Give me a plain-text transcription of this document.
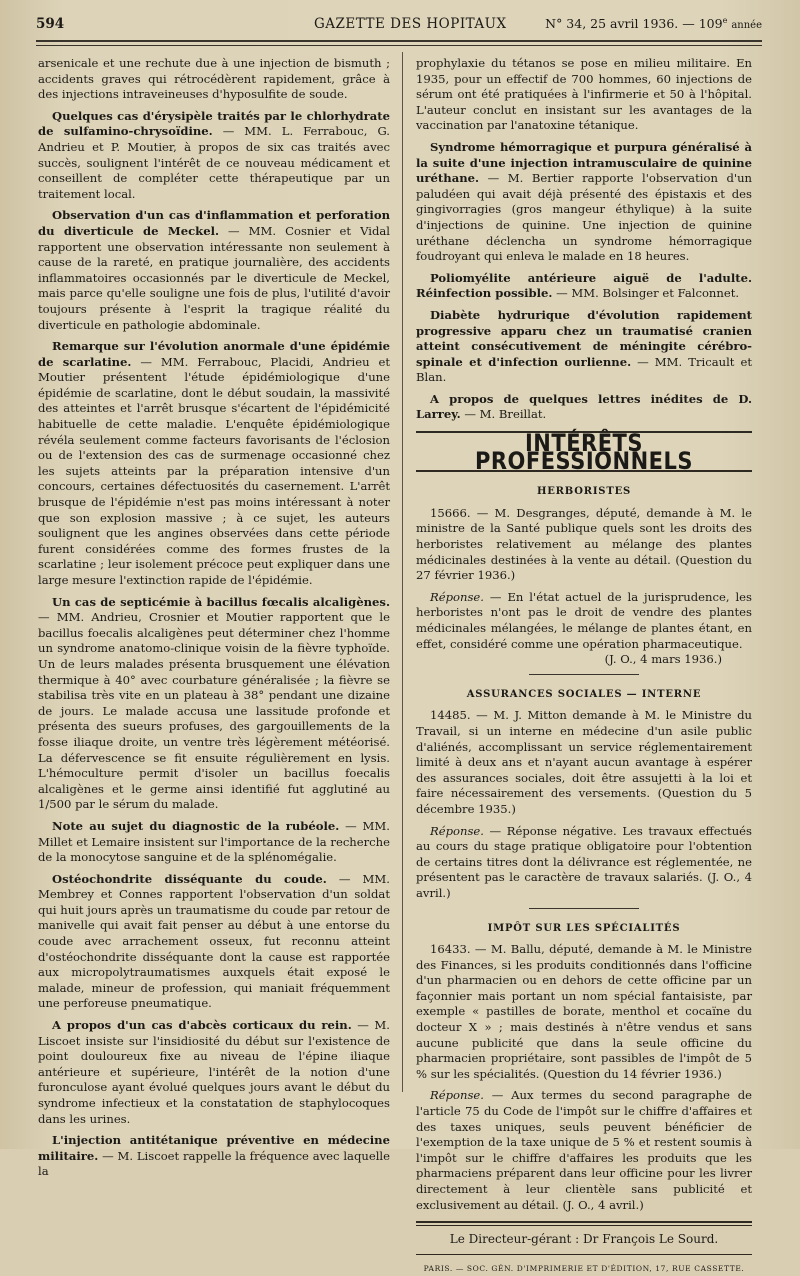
594	GAZETTE DES HOPITAUX	N° 34, 25 avril 1936. — 109e année

arsenicale et une rechute due à une injection de bismuth ; accidents graves qui rétrocédèrent rapidement, grâce à des injections intraveineuses d'hyposulfite de soude.

Quelques cas d'érysipèle traités par le chlorhydrate de sulfamino-chrysoïdine. — MM. L. Ferrabouc, G. Andrieu et P. Moutier, à propos de six cas traités avec succès, soulignent l'intérêt de ce nouveau médicament et conseillent de compléter cette thérapeutique par un traitement local.

Observation d'un cas d'inflammation et perforation du diverticule de Meckel. — MM. Cosnier et Vidal rapportent une observation intéressante non seulement à cause de la rareté, en pratique journalière, des accidents inflammatoires occasionnés par le diverticule de Meckel, mais parce qu'elle souligne une fois de plus, l'utilité d'avoir toujours présente à l'esprit la tragique réalité du diverticule en pathologie abdominale.

Remarque sur l'évolution anormale d'une épidémie de scarlatine. — MM. Ferrabouc, Placidi, Andrieu et Moutier présentent l'étude épidémiologique d'une épidémie de scarlatine, dont le début soudain, la massivité des atteintes et l'arrêt brusque s'écartent de l'épidémicité habituelle de cette maladie. L'enquête épidémiologique révéla seulement comme facteurs favorisants de l'éclosion ou de l'extension des cas de surmenage occasionné chez les sujets atteints par la préparation intensive d'un concours, certaines défectuosités du casernement. L'arrêt brusque de l'épidémie n'est pas moins intéressant à noter que son explosion massive ; à ce sujet, les auteurs soulignent que les angines observées dans cette période furent considérées comme des formes frustes de la scarlatine ; leur isolement précoce peut expliquer dans une large mesure l'extinction rapide de l'épidémie.

Un cas de septicémie à bacillus fœcalis alcaligènes. — MM. Andrieu, Crosnier et Moutier rapportent que le bacillus foecalis alcaligènes peut déterminer chez l'homme un syndrome anatomo-clinique voisin de la fièvre typhoïde. Un de leurs malades présenta brusquement une élévation thermique à 40° avec courbature généralisée ; la fièvre se stabilisa très vite en un plateau à 38° pendant une dizaine de jours. Le malade accusa une lassitude profonde et présenta des sueurs profuses, des gargouillements de la fosse iliaque droite, un ventre très légèrement météorisé. La défervescence se fit ensuite régulièrement en lysis. L'hémoculture permit d'isoler un bacillus foecalis alcaligènes et le germe ainsi identifié fut agglutiné au 1/500 par le sérum du malade.

Note au sujet du diagnostic de la rubéole. — MM. Millet et Lemaire insistent sur l'importance de la recherche de la monocytose sanguine et de la splénomégalie.

Ostéochondrite disséquante du coude. — MM. Membrey et Connes rapportent l'observation d'un soldat qui huit jours après un traumatisme du coude par retour de manivelle qui avait fait penser au début à une entorse du coude avec arrachement osseux, fut reconnu atteint d'ostéochondrite disséquante dont la cause est rapportée aux micropolytraumatismes auxquels était exposé le malade, mineur de profession, qui maniait fréquemment une perforeuse pneumatique.

A propos d'un cas d'abcès corticaux du rein. — M. Liscoet insiste sur l'insidiosité du début sur l'existence de point douloureux fixe au niveau de l'épine iliaque antérieure et supérieure, l'intérêt de la notion d'une furonculose ayant évolué quelques jours avant le début du syndrome infectieux et la constatation de staphylocoques dans les urines.

L'injection antitétanique préventive en médecine militaire. — M. Liscoet rappelle la fréquence avec laquelle la

prophylaxie du tétanos se pose en milieu militaire. En 1935, pour un effectif de 700 hommes, 60 injections de sérum ont été pratiquées à l'infirmerie et 50 à l'hôpital. L'auteur conclut en insistant sur les avantages de la vaccination par l'anatoxine tétanique.

Syndrome hémorragique et purpura généralisé à la suite d'une injection intramusculaire de quinine uréthane. — M. Bertier rapporte l'observation d'un paludéen qui avait déjà présenté des épistaxis et des gingivorragies (gros mangeur éthylique) à la suite d'injections de quinine. Une injection de quinine uréthane déclencha un syndrome hémorragique foudroyant qui enleva le malade en 18 heures.

Poliomyélite antérieure aiguë de l'adulte. Réinfection possible. — MM. Bolsinger et Falconnet.

Diabète hydrurique d'évolution rapidement progressive apparu chez un traumatisé cranien atteint consécutivement de méningite cérébro-spinale et d'infection ourlienne. — MM. Tricault et Blan.

A propos de quelques lettres inédites de D. Larrey. — M. Breillat.

INTÉRÊTS PROFESSIONNELS
HERBORISTES

15666. — M. Desgranges, député, demande à M. le ministre de la Santé publique quels sont les droits des herboristes relativement au mélange des plantes médicinales destinées à la vente au détail. (Question du 27 février 1936.)

Réponse. — En l'état actuel de la jurisprudence, les herboristes n'ont pas le droit de vendre des plantes médicinales mélangées, le mélange de plantes étant, en effet, considéré comme une opération pharmaceutique.

(J. O., 4 mars 1936.)
ASSURANCES SOCIALES — INTERNE

14485. — M. J. Mitton demande à M. le Ministre du Travail, si un interne en médecine d'un asile public d'aliénés, accomplissant un service réglementairement limité à deux ans et n'ayant aucun avantage à espérer des assurances sociales, doit être assujetti à la loi et faire nécessairement des versements. (Question du 5 décembre 1935.)

Réponse. — Réponse négative. Les travaux effectués au cours du stage pratique obligatoire pour l'obtention de certains titres dont la délivrance est réglementée, ne présentent pas le caractère de travaux salariés. (J. O., 4 avril.)

IMPÔT SUR LES SPÉCIALITÉS

16433. — M. Ballu, député, demande à M. le Ministre des Finances, si les produits conditionnés dans l'officine d'un pharmacien ou en dehors de cette officine par un façonnier mais portant un nom spécial fantaisiste, par exemple « pastilles de borate, menthol et cocaïne du docteur X » ; mais destinés à n'être vendus et sans aucune publicité que dans la seule officine du pharmacien propriétaire, sont passibles de l'impôt de 5 % sur les spécialités. (Question du 14 février 1936.)

Réponse. — Aux termes du second paragraphe de l'article 75 du Code de l'impôt sur le chiffre d'affaires et des taxes uniques, seuls peuvent bénéficier de l'exemption de la taxe unique de 5 % et restent soumis à l'impôt sur le chiffre d'affaires les produits que les pharmaciens préparent dans leur officine pour les livrer directement à leur clientèle sans publicité et exclusivement au détail. (J. O., 4 avril.)

Le Directeur-gérant : Dr François Le Sourd.
PARIS. — SOC. GÉN. D'IMPRIMERIE ET D'ÉDITION, 17, RUE CASSETTE.
